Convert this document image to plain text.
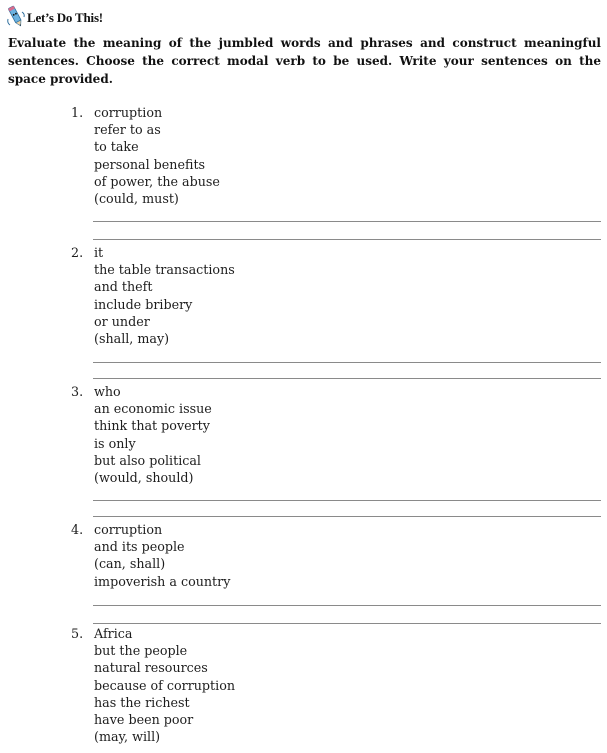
Let’s Do This!
Evaluate the meaning of the jumbled words and phrases and construct meaningful sentences. Choose the correct modal verb to be used. Write your sentences on the space provided.
1. corruption
refer to as
to take
personal benefits
of power, the abuse
(could, must)
2. it
the table transactions
and theft
include bribery
or under
(shall, may)
3. who
an economic issue
think that poverty
is only
but also political
(would, should)
4. corruption
and its people
(can, shall)
impoverish a country
5. Africa
but the people
natural resources
because of corruption
has the richest
have been poor
(may, will)
